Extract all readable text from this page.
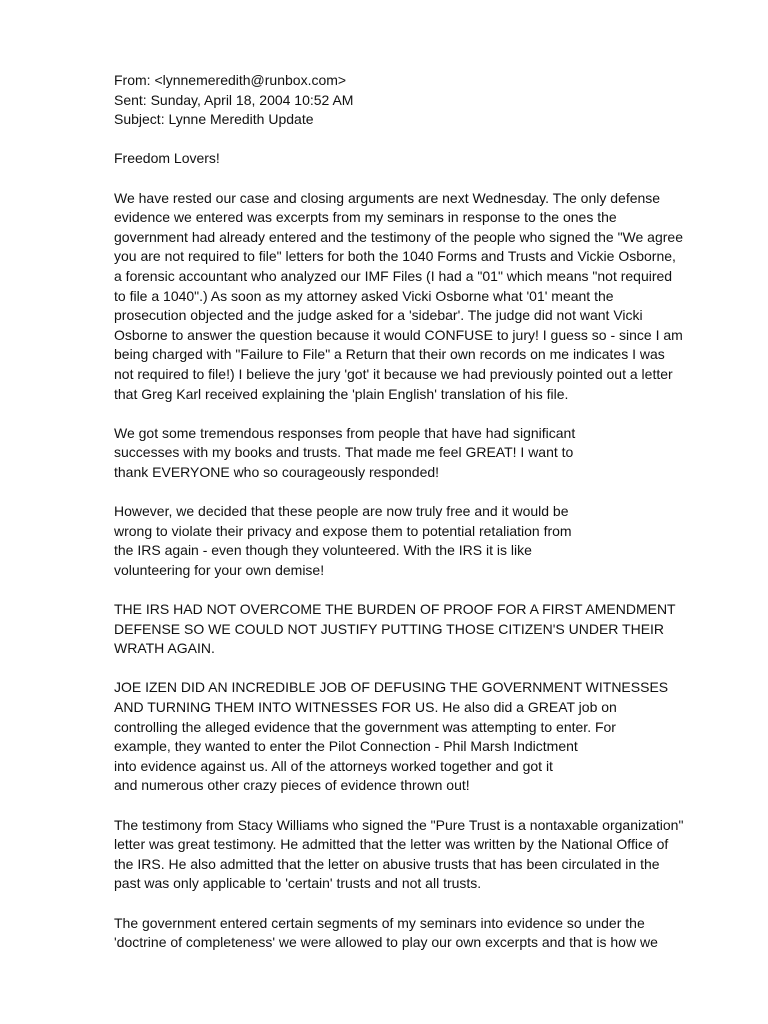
From: <lynnemeredith@runbox.com>
Sent: Sunday, April 18, 2004 10:52 AM
Subject: Lynne Meredith Update
Freedom Lovers!
We have rested our case and closing arguments are next Wednesday. The only defense
evidence we entered was excerpts from my seminars in response to the ones the
government had already entered and the testimony of the people who signed the "We agree
you are not required to file" letters for both the 1040 Forms and Trusts and Vickie Osborne,
a forensic accountant who analyzed our IMF Files (I had a "01" which means "not required
to file a 1040".) As soon as my attorney asked Vicki Osborne what '01' meant the
prosecution objected and the judge asked for a 'sidebar'. The judge did not want Vicki
Osborne to answer the question because it would CONFUSE to jury! I guess so - since I am
being charged with "Failure to File" a Return that their own records on me indicates I was
not required to file!) I believe the jury 'got' it because we had previously pointed out a letter
that Greg Karl received explaining the 'plain English' translation of his file.
We got some tremendous responses from people that have had significant
successes with my books and trusts. That made me feel GREAT! I want to
thank EVERYONE who so courageously responded!
However, we decided that these people are now truly free and it would be
wrong to violate their privacy and expose them to potential retaliation from
the IRS again - even though they volunteered. With the IRS it is like
volunteering for your own demise!
THE IRS HAD NOT OVERCOME THE BURDEN OF PROOF FOR A FIRST AMENDMENT
DEFENSE SO WE COULD NOT JUSTIFY PUTTING THOSE CITIZEN'S UNDER THEIR
WRATH AGAIN.
JOE IZEN DID AN INCREDIBLE JOB OF DEFUSING THE GOVERNMENT WITNESSES
AND TURNING THEM INTO WITNESSES FOR US. He also did a GREAT job on
controlling the alleged evidence that the government was attempting to enter. For
example, they wanted to enter the Pilot Connection - Phil Marsh Indictment
into evidence against us. All of the attorneys worked together and got it
and numerous other crazy pieces of evidence thrown out!
The testimony from Stacy Williams who signed the "Pure Trust is a nontaxable organization"
letter was great testimony. He admitted that the letter was written by the National Office of
the IRS. He also admitted that the letter on abusive trusts that has been circulated in the
past was only applicable to 'certain' trusts and not all trusts.
The government entered certain segments of my seminars into evidence so under the
'doctrine of completeness' we were allowed to play our own excerpts and that is how we
